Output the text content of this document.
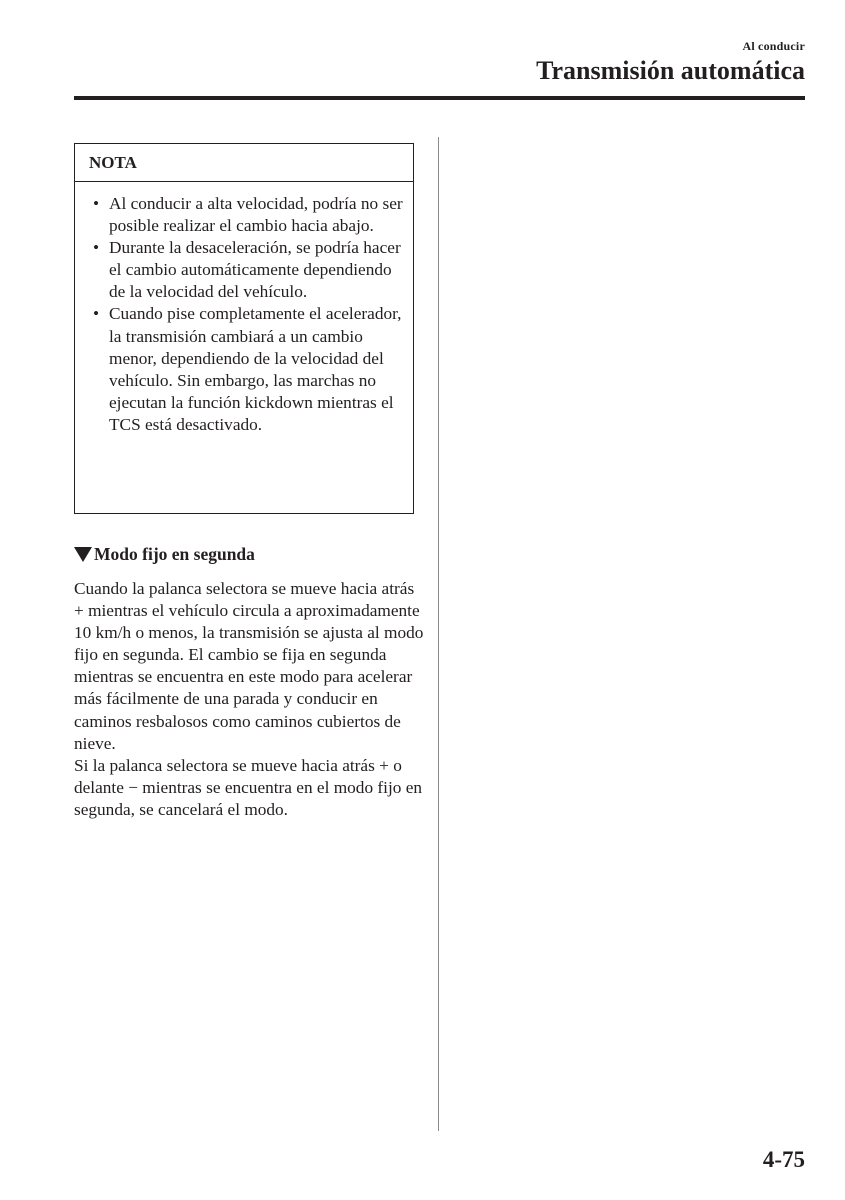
Al conducir
Transmisión automática
NOTA
• Al conducir a alta velocidad, podría no ser posible realizar el cambio hacia abajo.
• Durante la desaceleración, se podría hacer el cambio automáticamente dependiendo de la velocidad del vehículo.
• Cuando pise completamente el acelerador, la transmisión cambiará a un cambio menor, dependiendo de la velocidad del vehículo. Sin embargo, las marchas no ejecutan la función kickdown mientras el TCS está desactivado.
Modo fijo en segunda

Cuando la palanca selectora se mueve hacia atrás + mientras el vehículo circula a aproximadamente 10 km/h o menos, la transmisión se ajusta al modo fijo en segunda. El cambio se fija en segunda mientras se encuentra en este modo para acelerar más fácilmente de una parada y conducir en caminos resbalosos como caminos cubiertos de nieve.

Si la palanca selectora se mueve hacia atrás + o delante − mientras se encuentra en el modo fijo en segunda, se cancelará el modo.

4-75
